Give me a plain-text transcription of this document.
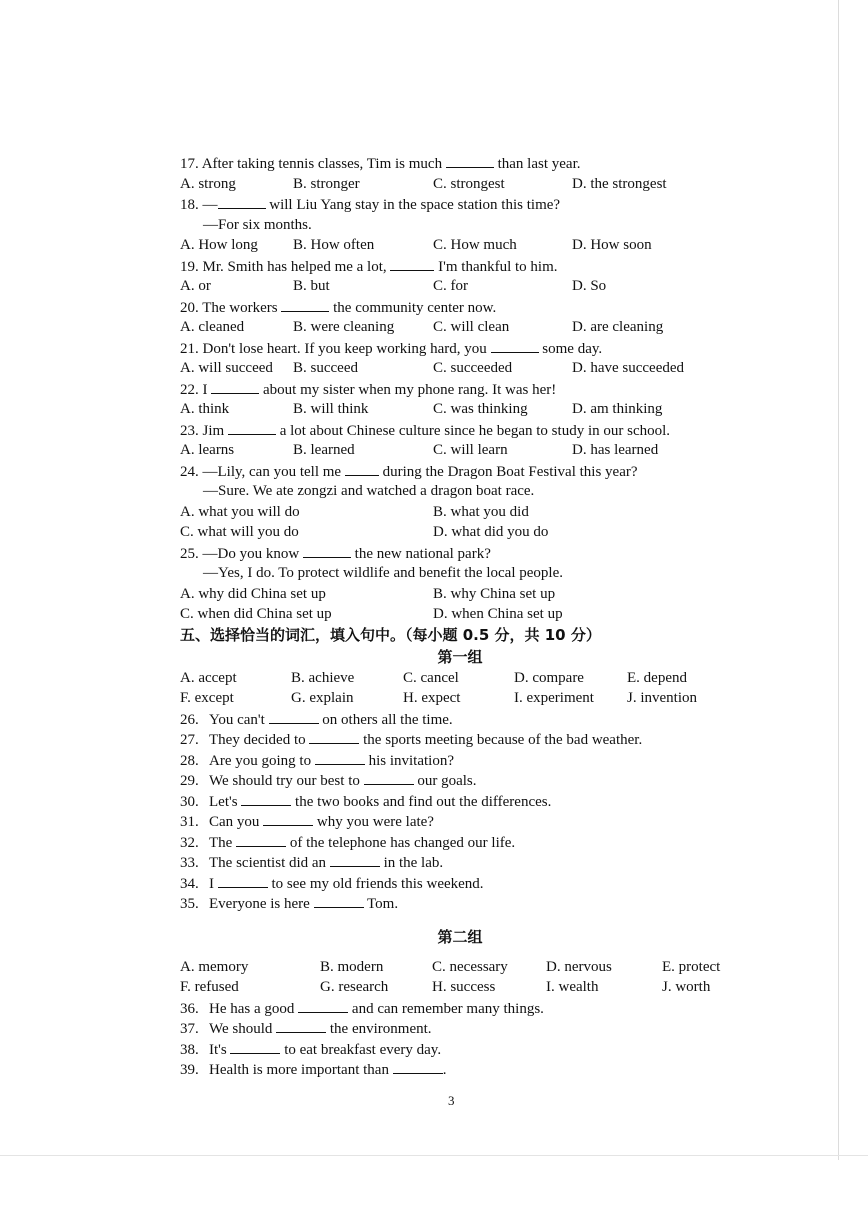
17. After taking tennis classes, Tim is much	than last year.
A. strong	B. stronger	C. strongest	D. the strongest
18. —	will Liu Yang stay in the space station this time?
—For six months.
A. How long B. How often	C. How much	D. How soon
19. Mr. Smith has helped me a lot,	I'm thankful to him.
A. or	B. but	C. for	D. So
20. The workers	the community center now.
A. cleaned	B. were cleaning	C. will clean	D. are cleaning
21. Don't lose heart. If you keep working hard, you	some day.
A. will succeed B. succeed	C. succeeded	D. have succeeded
22. I	about my sister when my phone rang. It was her!
A. think	B. will think	C. was thinking	D. am thinking
23. Jim	a lot about Chinese culture since he began to study in our school.
A. learns	B. learned	C. will learn	D. has learned
24. —Lily, can you tell me	during the Dragon Boat Festival this year?
—Sure. We ate zongzi and watched a dragon boat race.
A. what you will do	B. what you did
C. what will you do	D. what did you do
25. —Do you know	the new national park?
—Yes, I do. To protect wildlife and benefit the local people.
A. why did China set up	B. why China set up
C. when did China set up	D. when China set up
五、选择恰当的词汇，填入句中。（每小题 0.5 分，共 10 分）
第一组
A. accept	B. achieve	C. cancel	D. compare	E. depend
F. except	G. explain	H. expect	I. experiment J. invention
26. You can't	on others all the time.
27. They decided to	the sports meeting because of the bad weather.
28. Are you going to	his invitation?
29. We should try our best to	our goals.
30. Let's	the two books and find out the differences.
31. Can you	why you were late?
32. The	of the telephone has changed our life.
33. The scientist did an	in the lab.
34. I	to see my old friends this weekend.
35. Everyone is here	Tom.
第二组
A. memory	B. modern	C. necessary	D. nervous	E. protect
F. refused	G. research	H. success	I. wealth	J. worth
36. He has a good	and can remember many things.
37. We should	the environment.
38. It's	to eat breakfast every day.
39. Health is more important than	.
3
